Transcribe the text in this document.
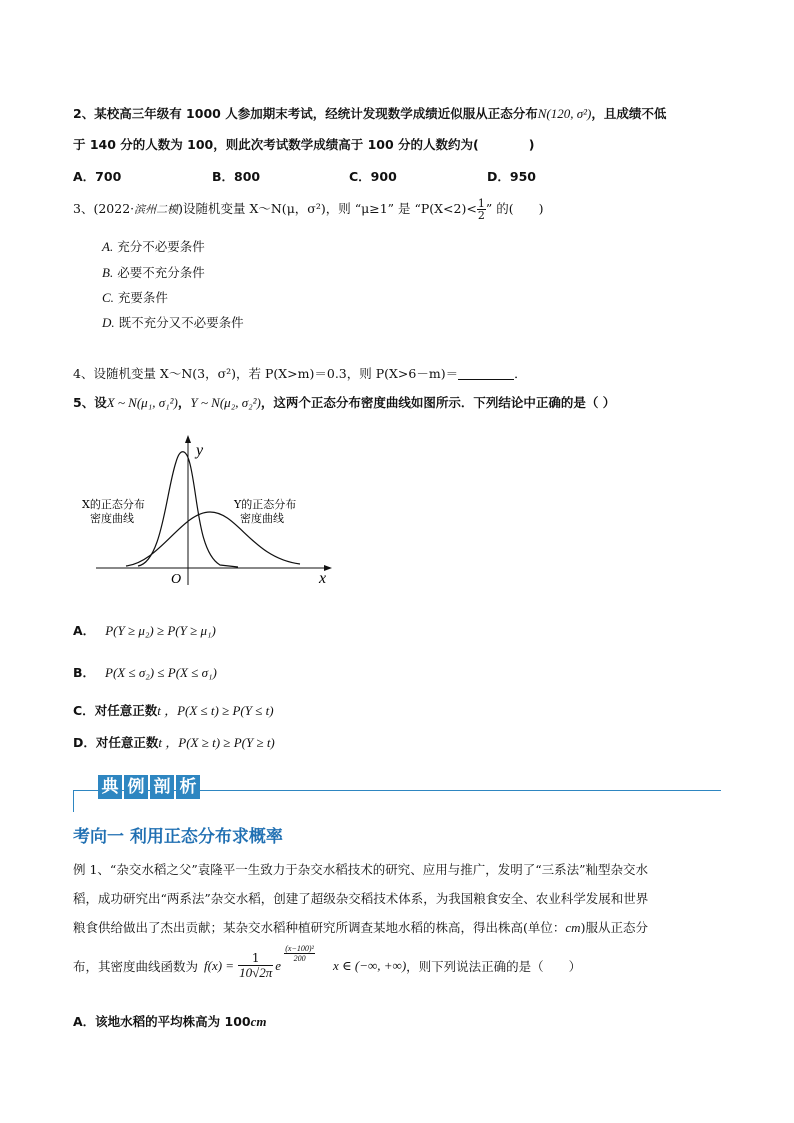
2、某校高三年级有 1000 人参加期末考试，经统计发现数学成绩近似服从正态分布N(120, σ²)，且成绩不低
于 140 分的人数为 100，则此次考试数学成绩高于 100 分的人数约为(　　　　)
A．700	B．800	C．900	D．950
3、(2022·滨州二模)设随机变量 X～N(μ，σ²)，则 “μ≥1” 是 “$P(X<2)< \frac{1}{2}$ ” 的(　　)
A. 充分不必要条件
B. 必要不充分条件
C. 充要条件
D. 既不充分又不必要条件
4、设随机变量 X～N(3，σ²)，若 P(X>m)＝0.3，则 P(X>6－m)＝	．
5、设X ~ N(μ₁, σ₁²)，Y ~ N(μ₂, σ₂²)，这两个正态分布密度曲线如图所示．下列结论中正确的是（ ）
y
x
O
X的正态分布
密度曲线
Y的正态分布
密度曲线
A． P(Y ≥ μ₂) ≥ P(Y ≥ μ₁)
B． P(X ≤ σ₂) ≤ P(X ≤ σ₁)
C．对任意正数t ，P(X ≤ t) ≥ P(Y ≤ t)
D．对任意正数t ，P(X ≥ t) ≥ P(Y ≥ t)
典 例 剖 析
考向一 利用正态分布求概率
例 1、“杂交水稻之父”袁隆平一生致力于杂交水稻技术的研究、应用与推广，发明了“三系法”籼型杂交水
稻，成功研究出“两系法”杂交水稻，创建了超级杂交稻技术体系，为我国粮食安全、农业科学发展和世界
粮食供给做出了杰出贡献；某杂交水稻种植研究所调查某地水稻的株高，得出株高(单位：cm)服从正态分
布，其密度曲线函数为 $f(x) = \frac{1}{10√2\pi}$ e
$\frac{\text{(x−100)²}}{200}$
x ∈ (−∞, +∞) ，则下列说法正确的是（　　）
A．该地水稻的平均株高为 100cm
